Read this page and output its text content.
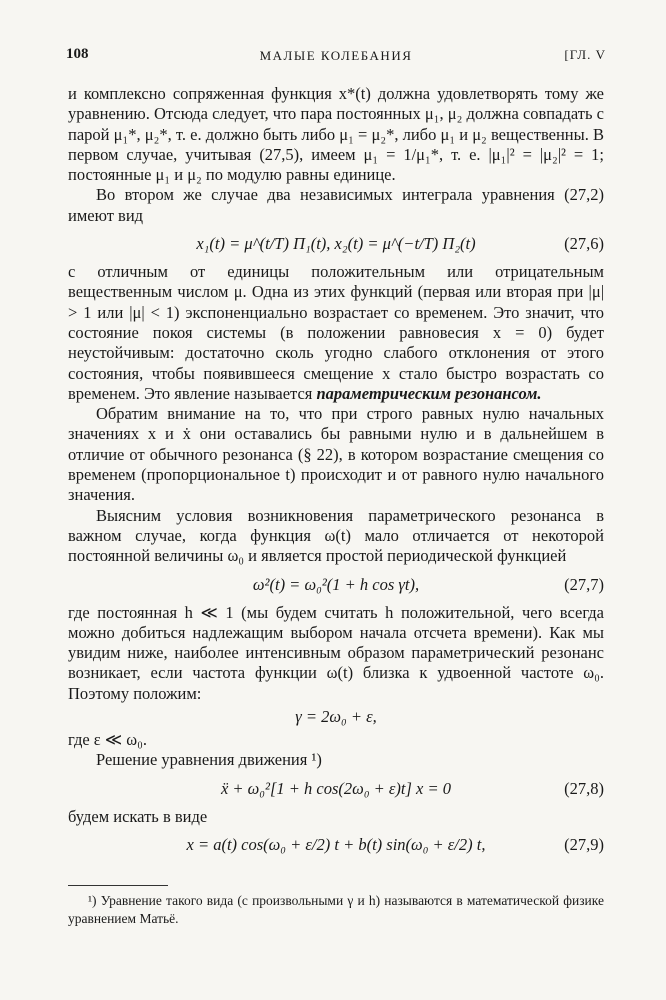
108	МАЛЫЕ КОЛЕБАНИЯ	[ГЛ. V

и комплексно сопряженная функция x*(t) должна удовлетворять тому же уравнению. Отсюда следует, что пара постоянных μ₁, μ₂ должна совпадать с парой μ₁*, μ₂*, т. е. должно быть либо μ₁ = μ₂*, либо μ₁ и μ₂ вещественны. В первом случае, учитывая (27,5), имеем μ₁ = 1/μ₁*, т. е. |μ₁|² = |μ₂|² = 1; постоянные μ₁ и μ₂ по модулю равны единице.

Во втором же случае два независимых интеграла уравнения (27,2) имеют вид

x₁(t) = μ^(t/T) Π₁(t), x₂(t) = μ^(−t/T) Π₂(t)	(27,6)

с отличным от единицы положительным или отрицательным вещественным числом μ. Одна из этих функций (первая или вторая при |μ| > 1 или |μ| < 1) экспоненциально возрастает со временем. Это значит, что состояние покоя системы (в положении равновесия x = 0) будет неустойчивым: достаточно сколь угодно слабого отклонения от этого состояния, чтобы появившееся смещение x стало быстро возрастать со временем. Это явление называется параметрическим резонансом.

Обратим внимание на то, что при строго равных нулю начальных значениях x и ẋ они оставались бы равными нулю и в дальнейшем в отличие от обычного резонанса (§ 22), в котором возрастание смещения со временем (пропорциональное t) происходит и от равного нулю начального значения.

Выясним условия возникновения параметрического резонанса в важном случае, когда функция ω(t) мало отличается от некоторой постоянной величины ω₀ и является простой периодической функцией

ω²(t) = ω₀²(1 + h cos γt),	(27,7)

где постоянная h ≪ 1 (мы будем считать h положительной, чего всегда можно добиться надлежащим выбором начала отсчета времени). Как мы увидим ниже, наиболее интенсивным образом параметрический резонанс возникает, если частота функции ω(t) близка к удвоенной частоте ω₀. Поэтому положим:

γ = 2ω₀ + ε,

где ε ≪ ω₀.

Решение уравнения движения ¹)

ẍ + ω₀²[1 + h cos(2ω₀ + ε)t] x = 0	(27,8)

будем искать в виде

x = a(t) cos(ω₀ + ε/2) t + b(t) sin(ω₀ + ε/2) t,	(27,9)
¹) Уравнение такого вида (с произвольными γ и h) называются в математической физике уравнением Матьё.
